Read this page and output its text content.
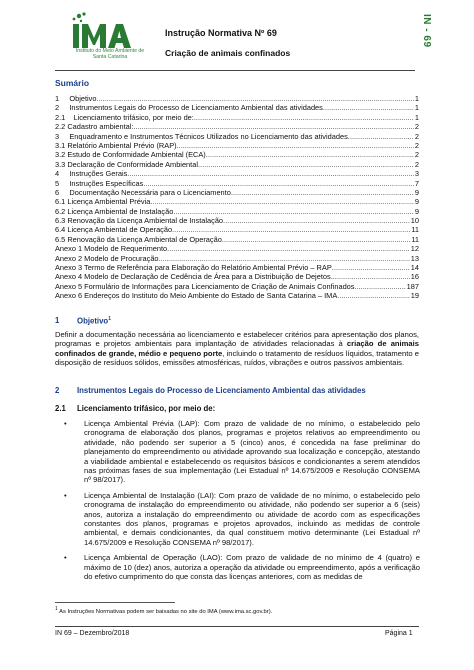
Instituto do Meio Ambiente de Santa Catarina
Instrução Normativa Nº 69
Criação de animais confinados
IN - 69
Sumário
1     Objetivo .....	1
2     Instrumentos Legais do Processo de Licenciamento Ambiental das atividades .....	1
2.1    Licenciamento trifásico, por meio de: .....	1
2.2 Cadastro ambiental: .....	2
3     Enquadramento e Instrumentos Técnicos Utilizados no Licenciamento das atividades .....	2
3.1 Relatório Ambiental Prévio (RAP) .....	2
3.2 Estudo de Conformidade Ambiental (ECA) .....	2
3.3 Declaração de Conformidade Ambiental .....	2
4     Instruções Gerais .....	3
5     Instruções Específicas .....	7
6     Documentação Necessária para o Licenciamento .....	9
6.1 Licença Ambiental Prévia .....	9
6.2 Licença Ambiental de Instalação .....	9
6.3 Renovação da Licença Ambiental de Instalação .....	10
6.4 Licença Ambiental de Operação .....	11
6.5 Renovação da Licença Ambiental de Operação .....	11
Anexo 1 Modelo de Requerimento .....	12
Anexo 2 Modelo de Procuração .....	13
Anexo 3 Termo de Referência para Elaboração do Relatório Ambiental Prévio – RAP .....	14
Anexo 4 Modelo de Declaração de Cedência de Área para a Distribuição de Dejetos .....	16
Anexo 5 Formulário de Informações para Licenciamento de Criação de Animais Confinados .....	187
Anexo 6 Endereços do Instituto do Meio Ambiente do Estado de Santa Catarina – IMA .....	19
1	Objetivo$^1$
Definir a documentação necessária ao licenciamento e estabelecer critérios para apresentação dos planos, programas e projetos ambientais para implantação de atividades relacionadas à criação de animais confinados de grande, médio e pequeno porte, incluindo o tratamento de resíduos líquidos, tratamento e disposição de resíduos sólidos, emissões atmosféricas, ruídos, vibrações e outros passivos ambientais.
2	Instrumentos Legais do Processo de Licenciamento Ambiental das atividades
2.1	Licenciamento trifásico, por meio de:
•	Licença Ambiental Prévia (LAP): Com prazo de validade de no mínimo, o estabelecido pelo cronograma de elaboração dos planos, programas e projetos relativos ao empreendimento ou atividade, não podendo ser superior a 5 (cinco) anos, é concedida na fase preliminar do planejamento do empreendimento ou atividade aprovando sua localização e concepção, atestando a viabilidade ambiental e estabelecendo os requisitos básicos e condicionantes a serem atendidos nas próximas fases de sua implementação (Lei Estadual nº 14.675/2009 e Resolução CONSEMA nº 98/2017).
•	Licença Ambiental de Instalação (LAI): Com prazo de validade de no mínimo, o estabelecido pelo cronograma de instalação do empreendimento ou atividade, não podendo ser superior a 6 (seis) anos, autoriza a instalação do empreendimento ou atividade de acordo com as especificações constantes dos planos, programas e projetos aprovados, incluindo as medidas de controle ambiental, e demais condicionantes, da qual constituem motivo determinante (Lei Estadual nº 14.675/2009 e Resolução CONSEMA nº 98/2017).
•	Licença Ambiental de Operação (LAO): Com prazo de validade de no mínimo de 4 (quatro) e máximo de 10 (dez) anos, autoriza a operação da atividade ou empreendimento, após a verificação do efetivo cumprimento do que consta das licenças anteriores, com as medidas de
1 As Instruções Normativas podem ser baixadas no site do IMA (www.ima.sc.gov.br).
IN 69 – Dezembro/2018	Página 1
